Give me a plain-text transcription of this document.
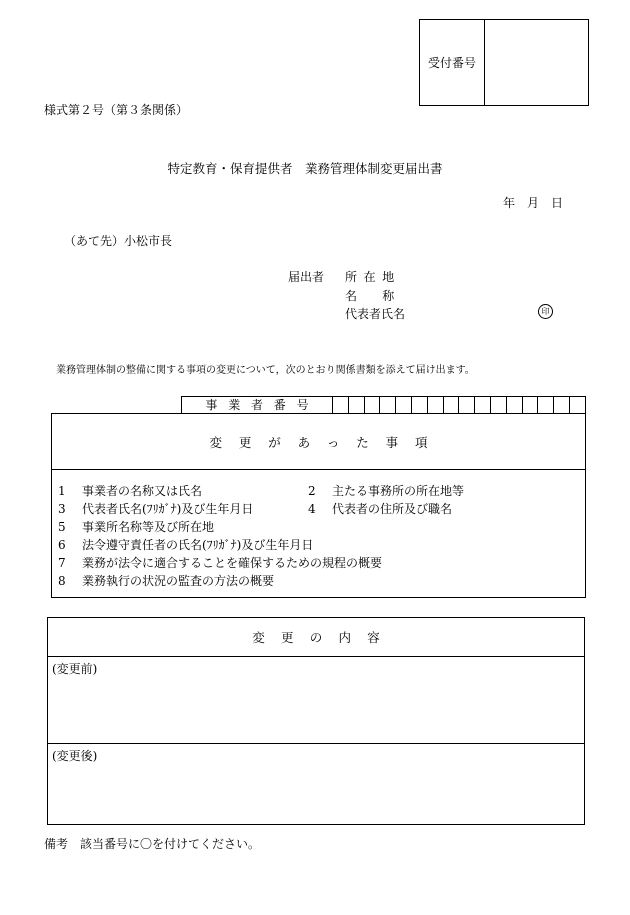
受付番号
様式第２号（第３条関係）
特定教育・保育提供者　業務管理体制変更届出書
年　月　日
（あて先）小松市長
届出者 所在地
名称
代表者氏名	印
業務管理体制の整備に関する事項の変更について，次のとおり関係書類を添えて届け出ます。
事業者番号
変更があった事項
1 事業者の名称又は氏名	2 主たる事務所の所在地等
3 代表者氏名(ﾌﾘｶﾞﾅ)及び生年月日	4 代表者の住所及び職名
5 事業所名称等及び所在地
6 法令遵守責任者の氏名(ﾌﾘｶﾞﾅ)及び生年月日
7 業務が法令に適合することを確保するための規程の概要
8 業務執行の状況の監査の方法の概要
変更の内容
(変更前)
(変更後)
備考　該当番号に〇を付けてください。
